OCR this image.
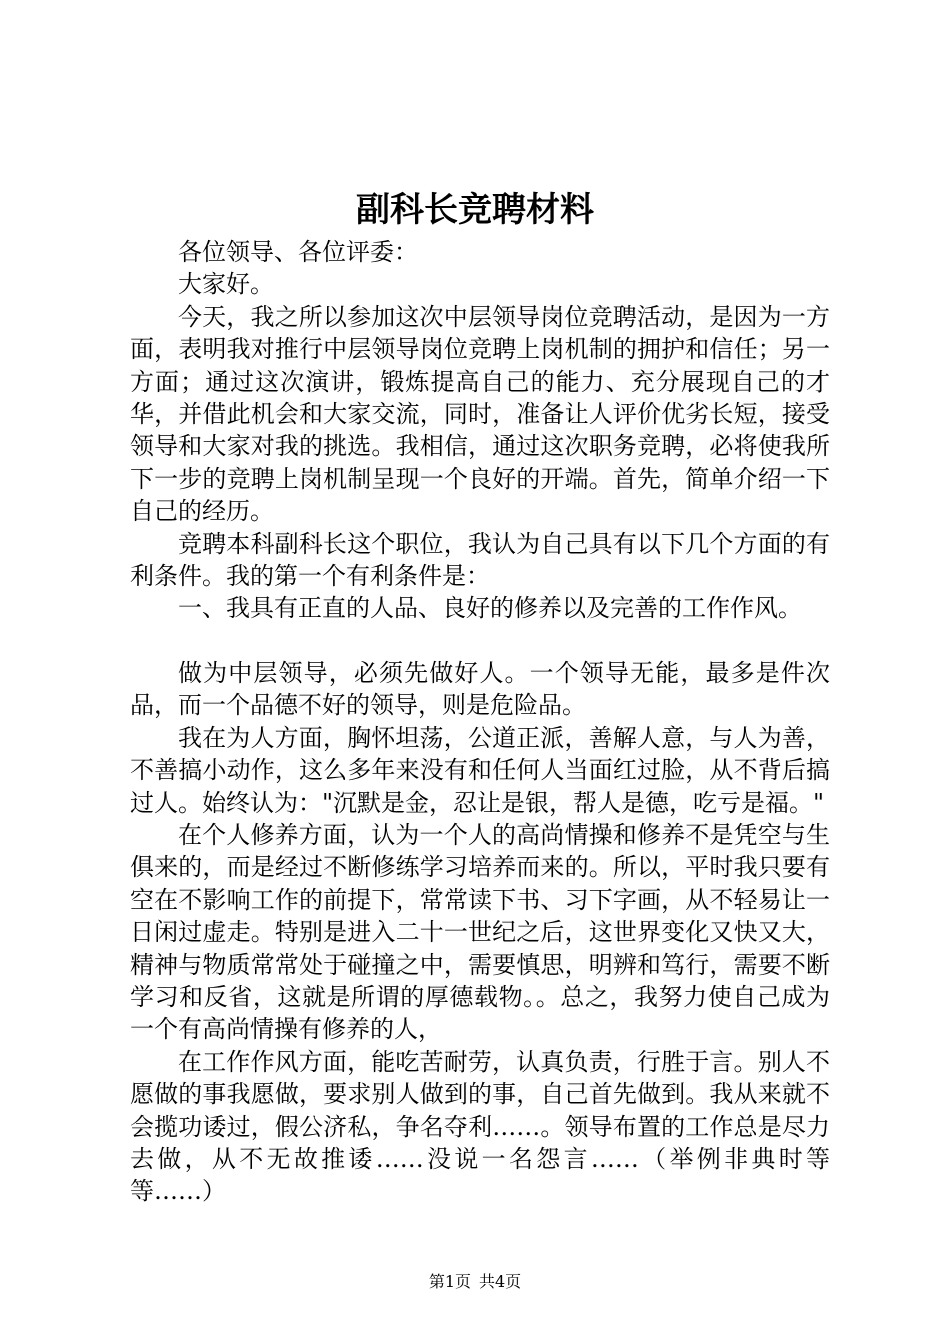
副科长竞聘材料

各位领导、各位评委：

大家好。

今天，我之所以参加这次中层领导岗位竞聘活动，是因为一方面，表明我对推行中层领导岗位竞聘上岗机制的拥护和信任；另一方面；通过这次演讲，锻炼提高自己的能力、充分展现自己的才华，并借此机会和大家交流，同时，准备让人评价优劣长短，接受领导和大家对我的挑选。我相信，通过这次职务竞聘，必将使我所下一步的竞聘上岗机制呈现一个良好的开端。首先，简单介绍一下自己的经历。

竞聘本科副科长这个职位，我认为自己具有以下几个方面的有利条件。我的第一个有利条件是：

一、我具有正直的人品、良好的修养以及完善的工作作风。

做为中层领导，必须先做好人。一个领导无能，最多是件次品，而一个品德不好的领导，则是危险品。

我在为人方面，胸怀坦荡，公道正派，善解人意，与人为善，不善搞小动作，这么多年来没有和任何人当面红过脸，从不背后搞过人。始终认为："沉默是金，忍让是银，帮人是德，吃亏是福。"

在个人修养方面，认为一个人的高尚情操和修养不是凭空与生俱来的，而是经过不断修练学习培养而来的。所以，平时我只要有空在不影响工作的前提下，常常读下书、习下字画，从不轻易让一日闲过虚走。特别是进入二十一世纪之后，这世界变化又快又大，精神与物质常常处于碰撞之中，需要慎思，明辨和笃行，需要不断学习和反省，这就是所谓的厚德载物。。总之，我努力使自己成为一个有高尚情操有修养的人，

在工作作风方面，能吃苦耐劳，认真负责，行胜于言。别人不愿做的事我愿做，要求别人做到的事，自己首先做到。我从来就不会揽功诿过，假公济私，争名夺利……。领导布置的工作总是尽力去做，从不无故推诿……没说一名怨言……（举例非典时等等……）

第1页 共4页
